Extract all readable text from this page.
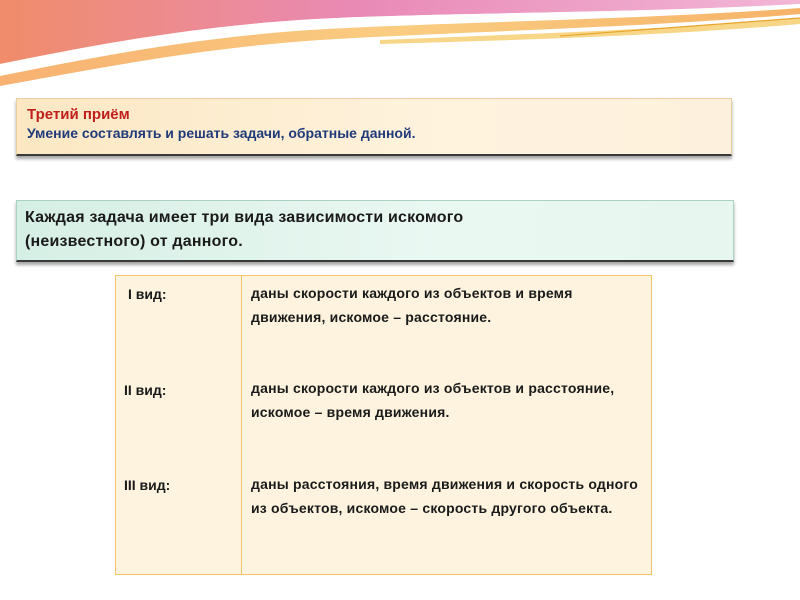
Третий приём
Умение составлять и решать задачи, обратные данной.
Каждая задача имеет три вида зависимости искомого
(неизвестного) от данного.
I вид:	даны скорости каждого из объектов и время движения, искомое – расстояние.
II вид:	даны скорости каждого из объектов и расстояние, искомое – время движения.
III вид:	даны расстояния, время движения и скорость одного из объектов, искомое – скорость другого объекта.
